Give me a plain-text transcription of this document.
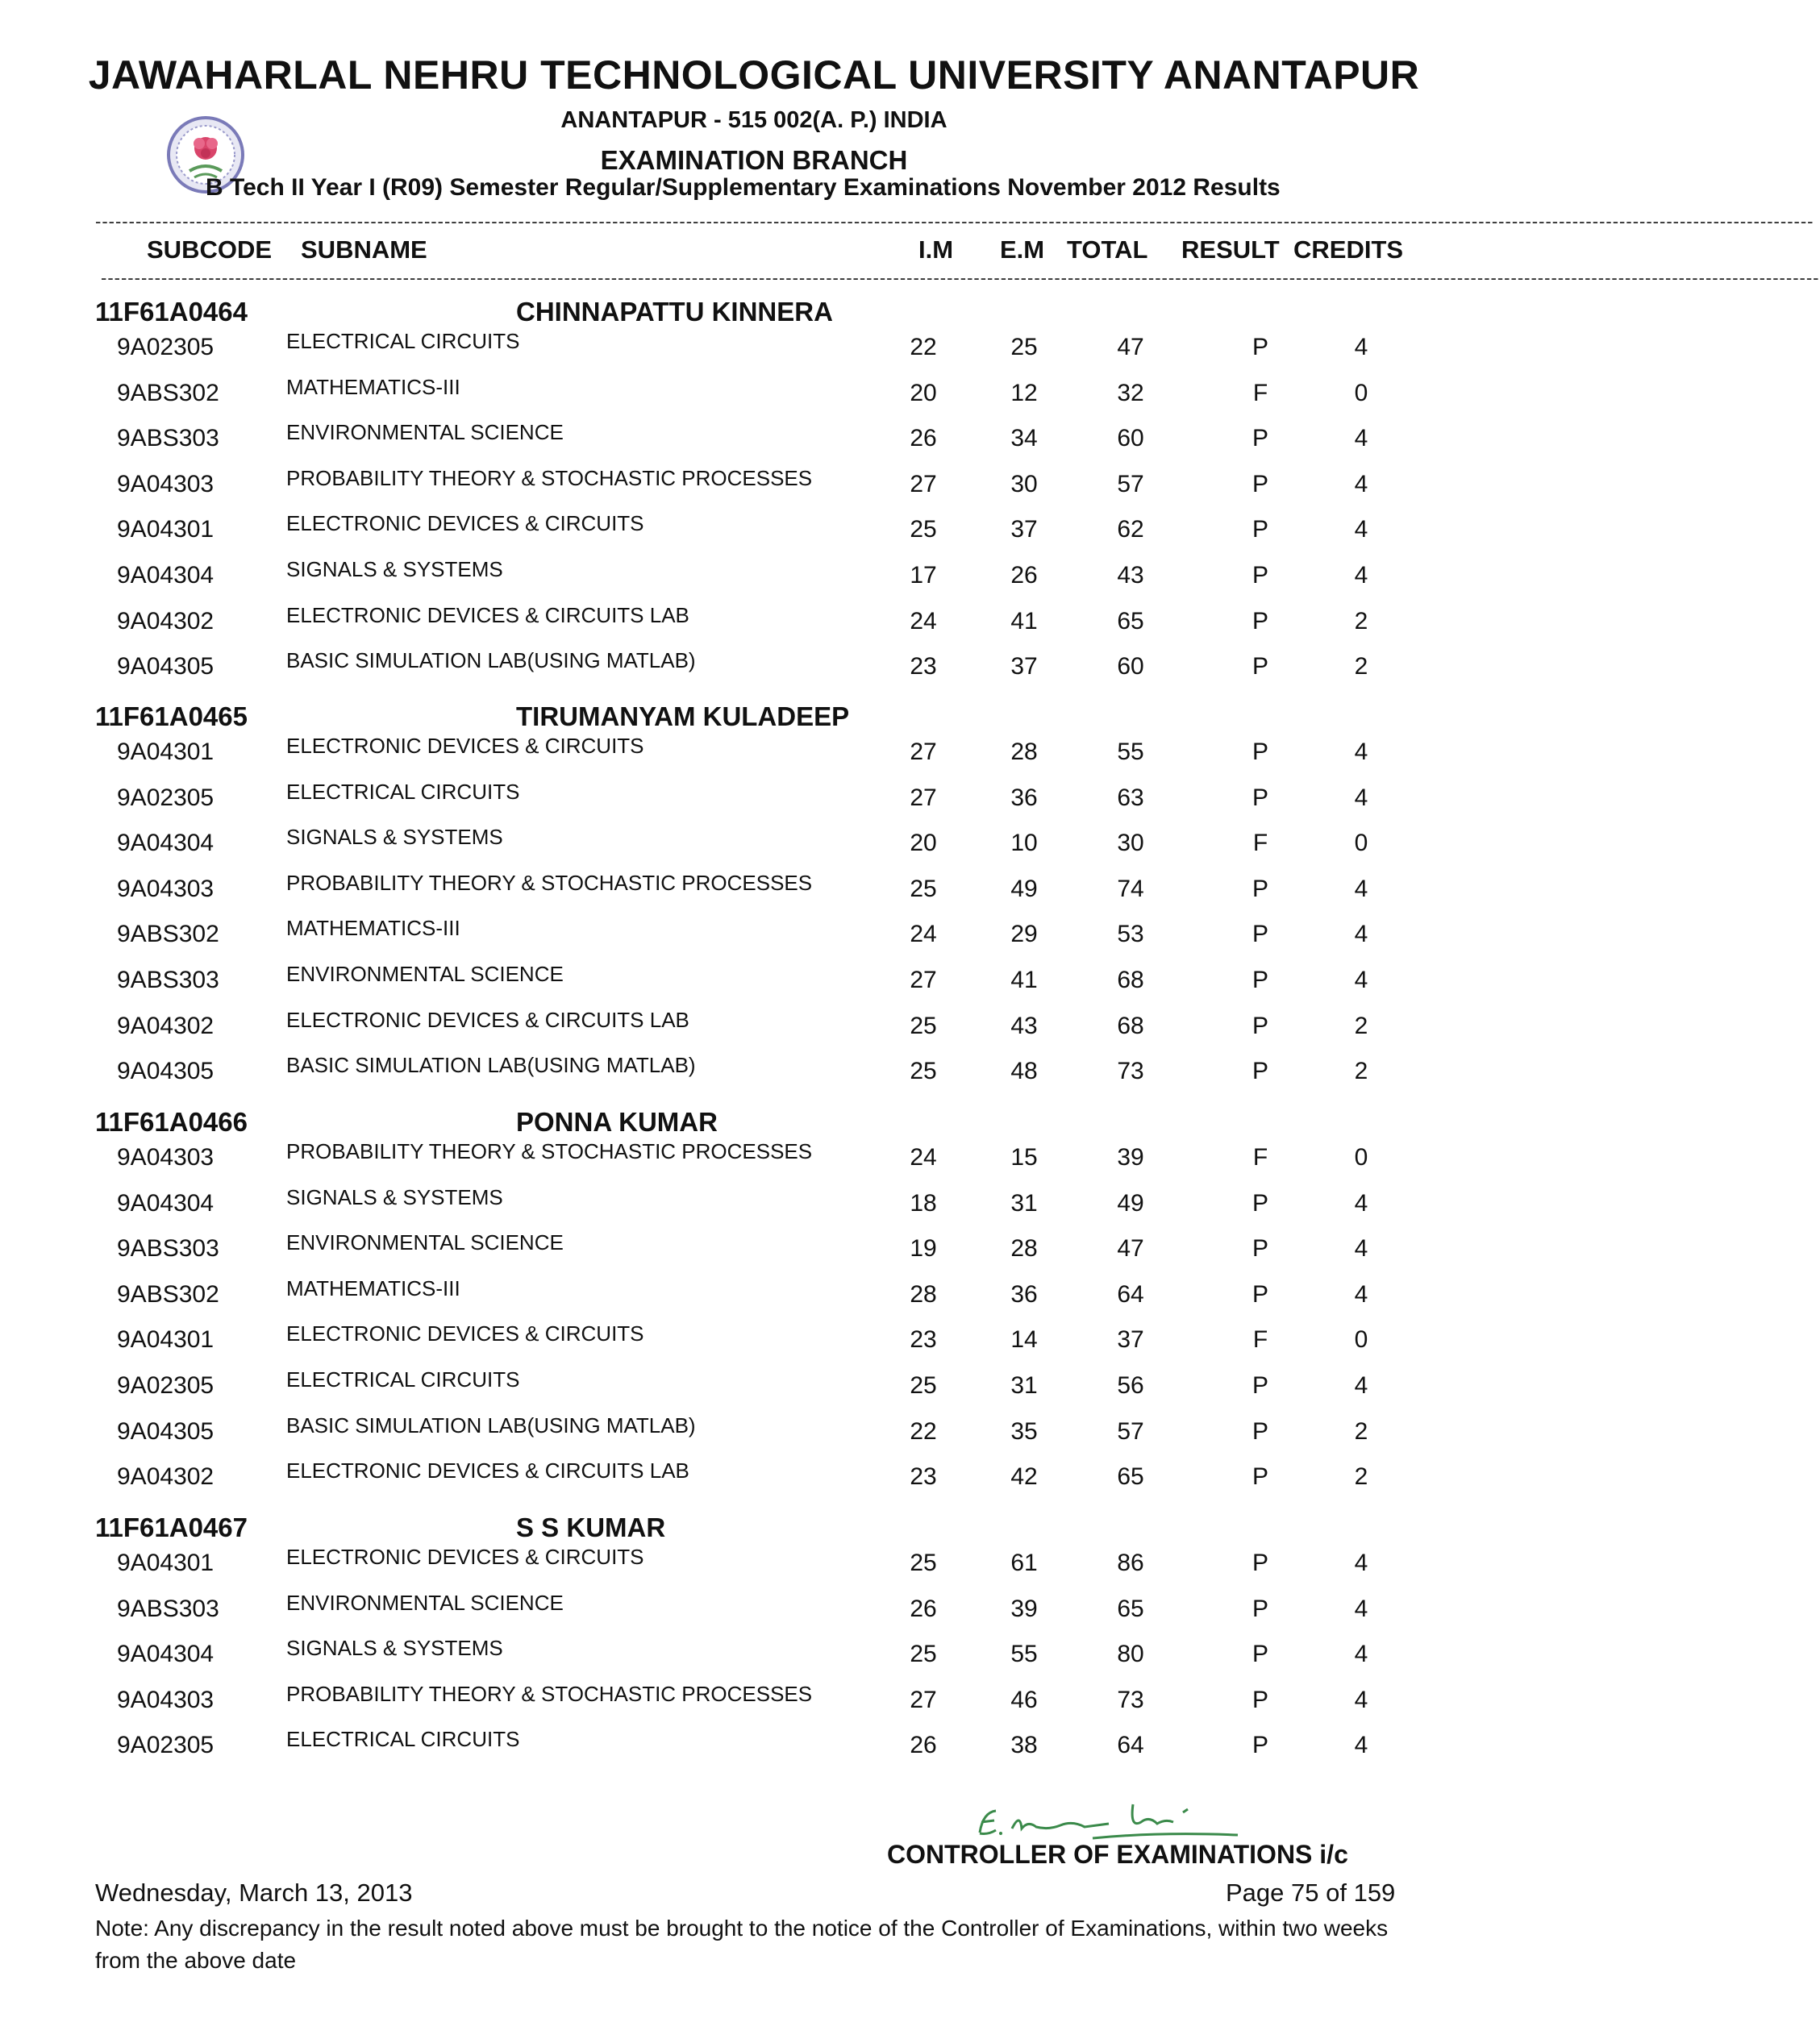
JAWAHARLAL NEHRU TECHNOLOGICAL UNIVERSITY ANANTAPUR
ANANTAPUR - 515 002(A. P.) INDIA
EXAMINATION BRANCH
B Tech II Year I (R09) Semester Regular/Supplementary Examinations November 2012 Results
----------------------------------------------------------------------------------------------------------------------------------------------------------------------------------------------------------------------------------------------------------------
SUBCODE SUBNAME	I.M E.M TOTAL RESULT CREDITS
----------------------------------------------------------------------------------------------------------------------------------------------------------------------------------------------------------------------------------------------------------------
11F61A0464	CHINNAPATTU KINNERA
9A02305	ELECTRICAL CIRCUITS	22	25	47	P	4
9ABS302	MATHEMATICS-III	20	12	32	F	0
9ABS303	ENVIRONMENTAL SCIENCE	26	34	60	P	4
9A04303	PROBABILITY THEORY & STOCHASTIC PROCESSES	27	30	57	P	4
9A04301	ELECTRONIC DEVICES & CIRCUITS	25	37	62	P	4
9A04304	SIGNALS & SYSTEMS	17	26	43	P	4
9A04302	ELECTRONIC DEVICES & CIRCUITS LAB	24	41	65	P	2
9A04305	BASIC SIMULATION LAB(USING MATLAB)	23	37	60	P	2
11F61A0465	TIRUMANYAM KULADEEP
9A04301	ELECTRONIC DEVICES & CIRCUITS	27	28	55	P	4
9A02305	ELECTRICAL CIRCUITS	27	36	63	P	4
9A04304	SIGNALS & SYSTEMS	20	10	30	F	0
9A04303	PROBABILITY THEORY & STOCHASTIC PROCESSES	25	49	74	P	4
9ABS302	MATHEMATICS-III	24	29	53	P	4
9ABS303	ENVIRONMENTAL SCIENCE	27	41	68	P	4
9A04302	ELECTRONIC DEVICES & CIRCUITS LAB	25	43	68	P	2
9A04305	BASIC SIMULATION LAB(USING MATLAB)	25	48	73	P	2
11F61A0466	PONNA KUMAR
9A04303	PROBABILITY THEORY & STOCHASTIC PROCESSES	24	15	39	F	0
9A04304	SIGNALS & SYSTEMS	18	31	49	P	4
9ABS303	ENVIRONMENTAL SCIENCE	19	28	47	P	4
9ABS302	MATHEMATICS-III	28	36	64	P	4
9A04301	ELECTRONIC DEVICES & CIRCUITS	23	14	37	F	0
9A02305	ELECTRICAL CIRCUITS	25	31	56	P	4
9A04305	BASIC SIMULATION LAB(USING MATLAB)	22	35	57	P	2
9A04302	ELECTRONIC DEVICES & CIRCUITS LAB	23	42	65	P	2
11F61A0467	S S KUMAR
9A04301	ELECTRONIC DEVICES & CIRCUITS	25	61	86	P	4
9ABS303	ENVIRONMENTAL SCIENCE	26	39	65	P	4
9A04304	SIGNALS & SYSTEMS	25	55	80	P	4
9A04303	PROBABILITY THEORY & STOCHASTIC PROCESSES	27	46	73	P	4
9A02305	ELECTRICAL CIRCUITS	26	38	64	P	4
CONTROLLER OF EXAMINATIONS i/c
Wednesday, March 13, 2013	Page 75 of 159
Note: Any discrepancy in the result noted above must be brought to the notice of the Controller of Examinations, within two weeks from the above date
